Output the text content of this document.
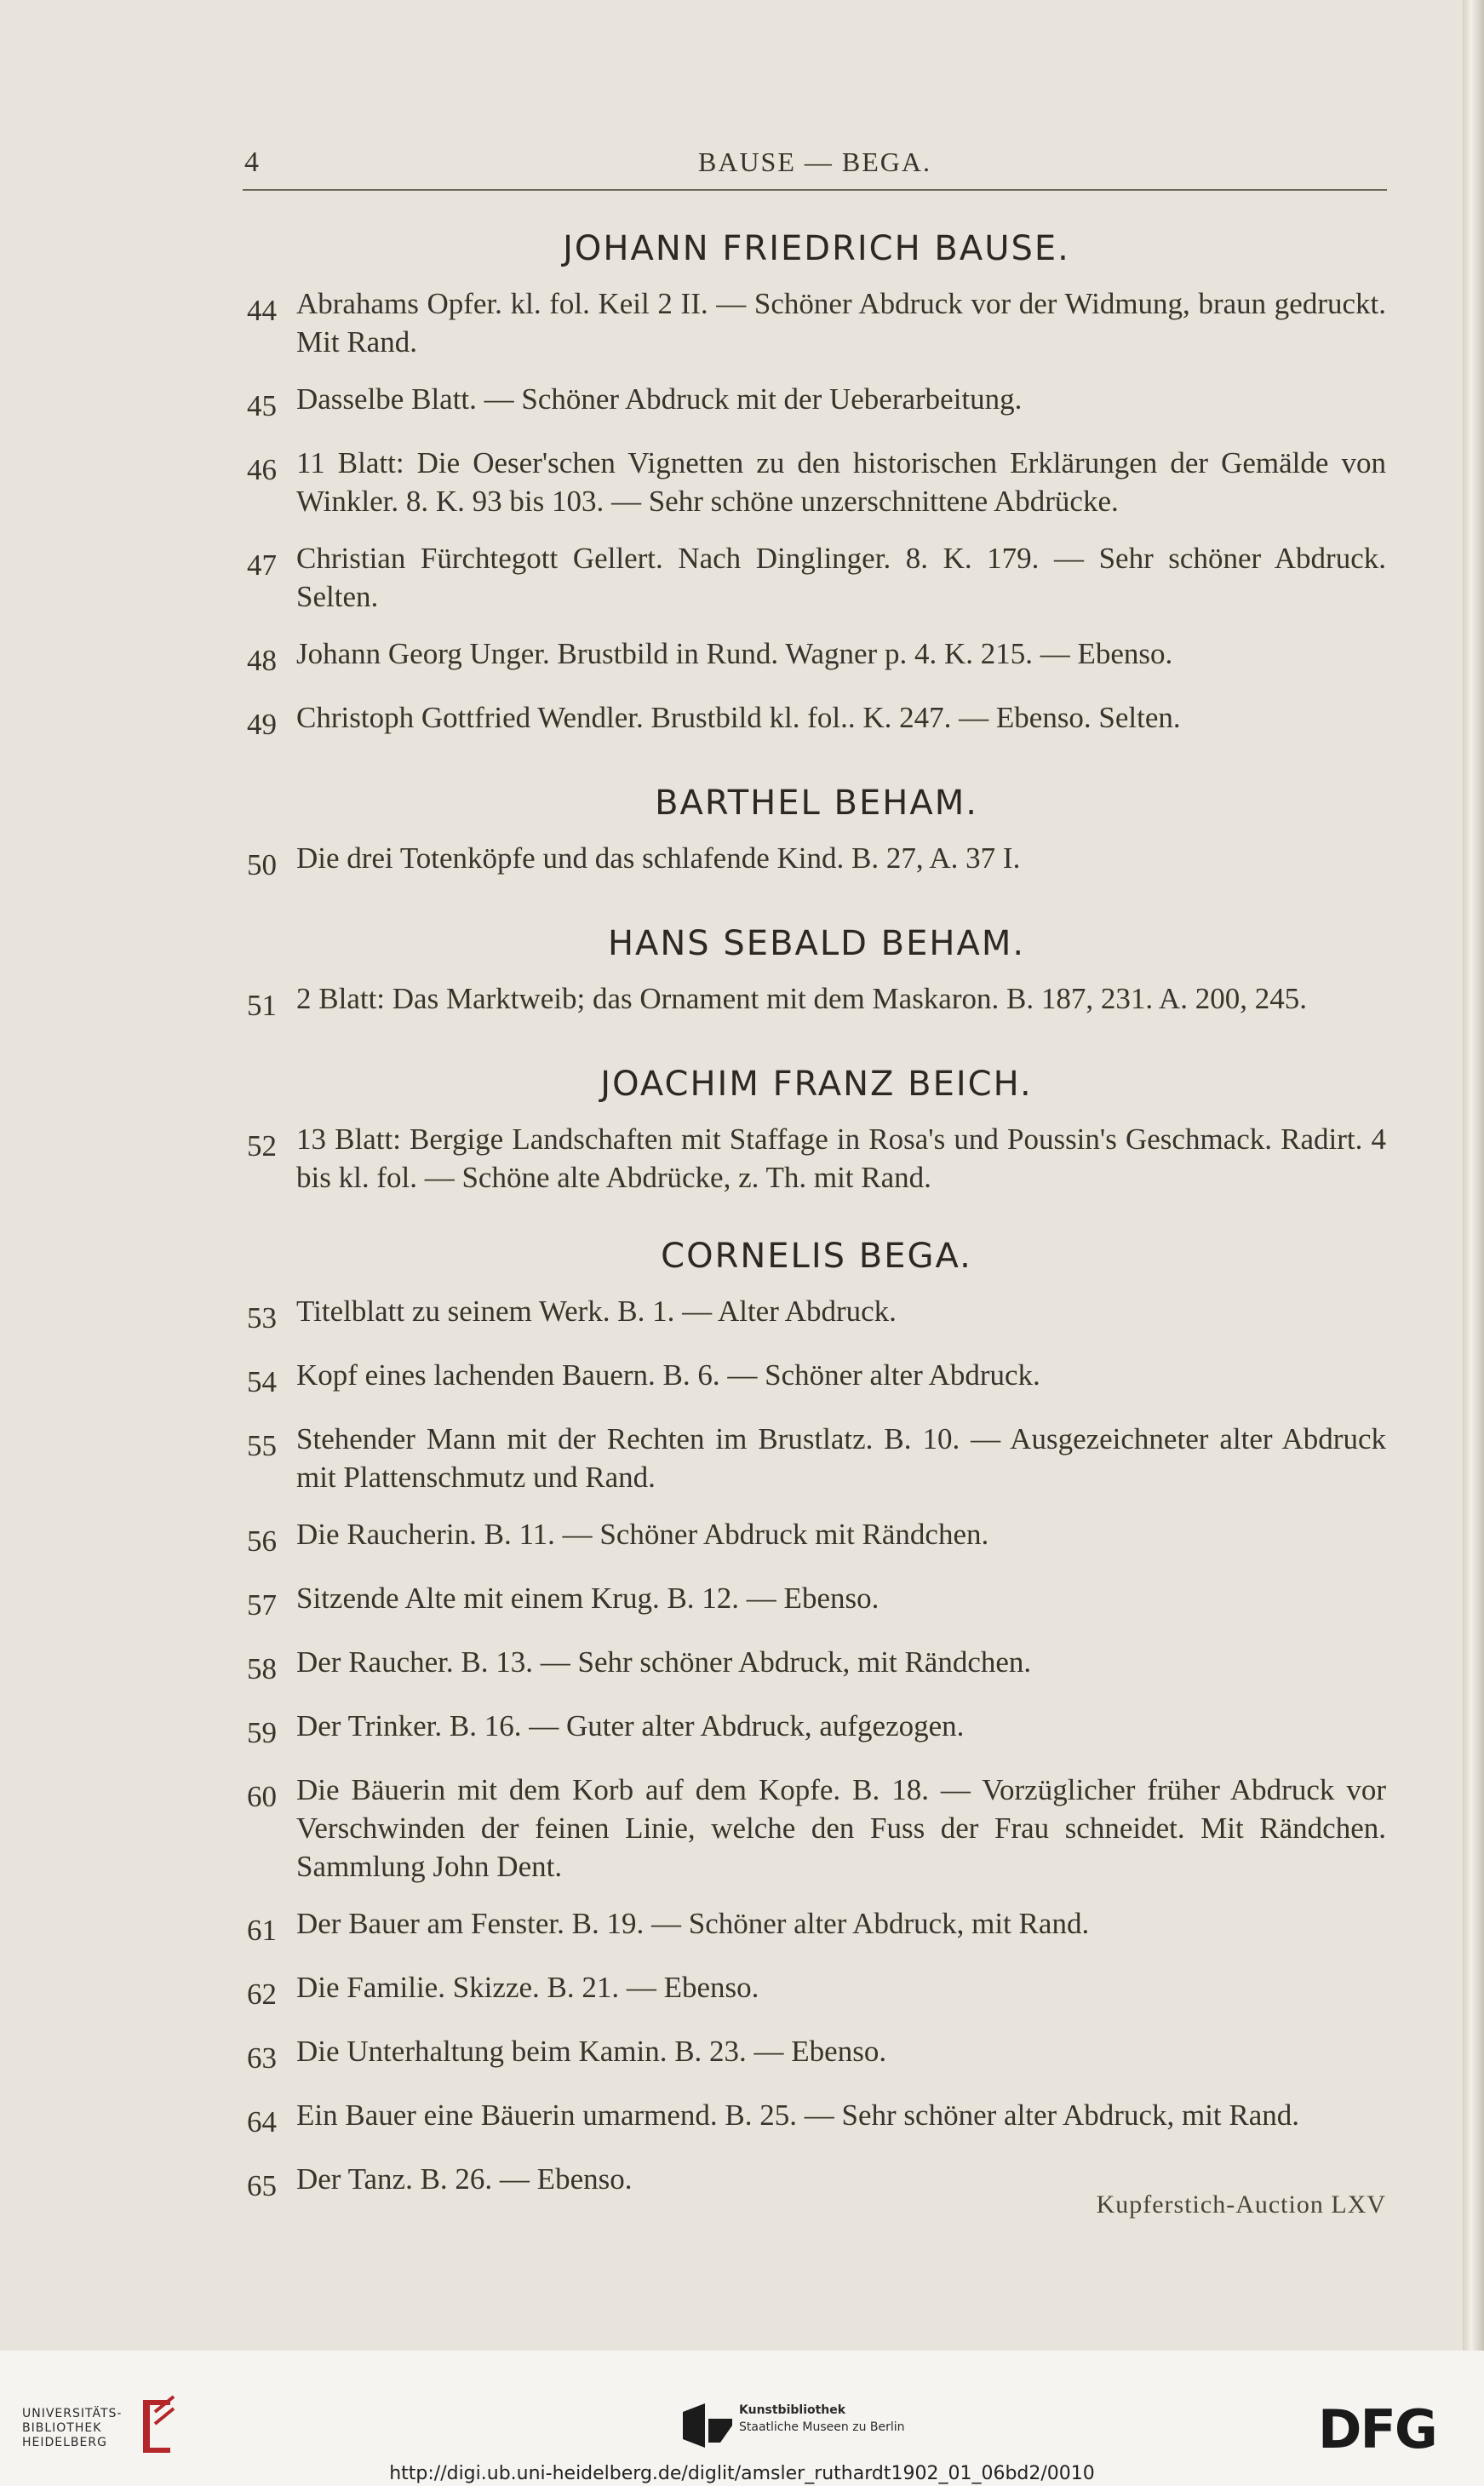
4	BAUSE — BEGA.
JOHANN FRIEDRICH BAUSE.
44 Abrahams Opfer. kl. fol. Keil 2 II. — Schöner Abdruck vor der Widmung, braun gedruckt. Mit Rand.
45 Dasselbe Blatt. — Schöner Abdruck mit der Ueberarbeitung.
46 11 Blatt: Die Oeser'schen Vignetten zu den historischen Erklärungen der Gemälde von Winkler. 8. K. 93 bis 103. — Sehr schöne unzerschnittene Abdrücke.
47 Christian Fürchtegott Gellert. Nach Dinglinger. 8. K. 179. — Sehr schöner Abdruck. Selten.
48 Johann Georg Unger. Brustbild in Rund. Wagner p. 4. K. 215. — Ebenso.
49 Christoph Gottfried Wendler. Brustbild kl. fol.. K. 247. — Ebenso. Selten.
BARTHEL BEHAM.
50 Die drei Totenköpfe und das schlafende Kind. B. 27, A. 37 I.
HANS SEBALD BEHAM.
51 2 Blatt: Das Marktweib; das Ornament mit dem Maskaron. B. 187, 231. A. 200, 245.
JOACHIM FRANZ BEICH.
52 13 Blatt: Bergige Landschaften mit Staffage in Rosa's und Poussin's Geschmack. Radirt. 4 bis kl. fol. — Schöne alte Abdrücke, z. Th. mit Rand.
CORNELIS BEGA.
53 Titelblatt zu seinem Werk. B. 1. — Alter Abdruck.
54 Kopf eines lachenden Bauern. B. 6. — Schöner alter Abdruck.
55 Stehender Mann mit der Rechten im Brustlatz. B. 10. — Ausgezeichneter alter Abdruck mit Plattenschmutz und Rand.
56 Die Raucherin. B. 11. — Schöner Abdruck mit Rändchen.
57 Sitzende Alte mit einem Krug. B. 12. — Ebenso.
58 Der Raucher. B. 13. — Sehr schöner Abdruck, mit Rändchen.
59 Der Trinker. B. 16. — Guter alter Abdruck, aufgezogen.
60 Die Bäuerin mit dem Korb auf dem Kopfe. B. 18. — Vorzüglicher früher Abdruck vor Verschwinden der feinen Linie, welche den Fuss der Frau schneidet. Mit Rändchen. Sammlung John Dent.
61 Der Bauer am Fenster. B. 19. — Schöner alter Abdruck, mit Rand.
62 Die Familie. Skizze. B. 21. — Ebenso.
63 Die Unterhaltung beim Kamin. B. 23. — Ebenso.
64 Ein Bauer eine Bäuerin umarmend. B. 25. — Sehr schöner alter Abdruck, mit Rand.
65 Der Tanz. B. 26. — Ebenso.
Kupferstich-Auction LXV
UNIVERSITÄTS-
BIBLIOTHEK
HEIDELBERG
Kunstbibliothek
Staatliche Museen zu Berlin	DFG
http://digi.ub.uni-heidelberg.de/diglit/amsler_ruthardt1902_01_06bd2/0010
